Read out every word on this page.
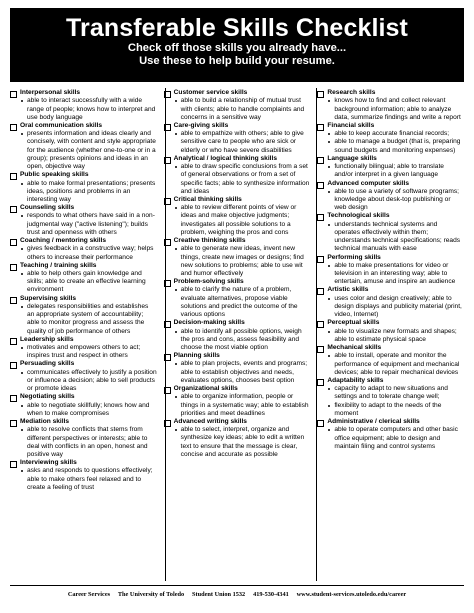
Transferable Skills Checklist
Check off those skills you already have...
Use these to help build your resume.
Interpersonal skills
able to interact successfully with a wide range of people; knows how to interpret and use body language
Oral communication skills
presents information and ideas clearly and concisely, with content and style appropriate for the audience (whether one-to-one or in a group); presents opinions and ideas in an open, objective way
Public speaking skills
able to make formal presentations; presents ideas, positions and problems in an interesting way
Counseling skills
responds to what others have said in a non-judgmental way ("active listening"); builds trust and openness with others
Coaching / mentoring skills
gives feedback in a constructive way; helps others to increase their performance
Teaching / training skills
able to help others gain knowledge and skills; able to create an effective learning environment
Supervising skills
delegates responsibilities and establishes an appropriate system of accountability; able to monitor progress and assess the quality of job performance of others
Leadership skills
motivates and empowers others to act; inspires trust and respect in others
Persuading skills
communicates effectively to justify a position or influence a decision; able to sell products or promote ideas
Negotiating skills
able to negotiate skillfully; knows how and when to make compromises
Mediation skills
able to resolve conflicts that stems from different perspectives or interests; able to deal with conflicts in an open, honest and positive way
Interviewing skills
asks and responds to questions effectively; able to make others feel relaxed and to create a feeling of trust
Customer service skills
able to build a relationship of mutual trust with clients; able to handle complaints and concerns in a sensitive way
Care-giving skills
able to empathize with others; able to give sensitive care to people who are sick or elderly or who have severe disabilities
Analytical / logical thinking skills
able to draw specific conclusions from a set of general observations or from a set of specific facts; able to synthesize information and ideas
Critical thinking skills
able to review different points of view or ideas and make objective judgments; investigates all possible solutions to a problem, weighing the pros and cons
Creative thinking skills
able to generate new ideas, invent new things, create new images or designs; find new solutions to problems; able to use wit and humor effectively
Problem-solving skills
able to clarify the nature of a problem, evaluate alternatives, propose viable solutions and predict the outcome of the various options
Decision-making skills
able to identify all possible options, weigh the pros and cons, assess feasibility and choose the most viable option
Planning skills
able to plan projects, events and programs; able to establish objectives and needs, evaluates options, chooses best option
Organizational skills
able to organize information, people or things in a systematic way; able to establish priorities and meet deadlines
Advanced writing skills
able to select, interpret, organize and synthesize key ideas; able to edit a written text to ensure that the message is clear, concise and accurate as possible
Research skills
knows how to find and collect relevant background information; able to analyze data, summarize findings and write a report
Financial skills
able to keep accurate financial records;
able to manage a budget (that is, preparing sound budgets and monitoring expenses)
Language skills
functionally bilingual; able to translate and/or interpret in a given language
Advanced computer skills
able to use a variety of software programs; knowledge about desk-top publishing or web design
Technological skills
understands technical systems and operates effectively within them; understands technical specifications; reads technical manuals with ease
Performing skills
able to make presentations for video or television in an interesting way; able to entertain, amuse and inspire an audience
Artistic skills
uses color and design creatively; able to design displays and publicity material (print, video, Internet)
Perceptual skills
able to visualize new formats and shapes; able to estimate physical space
Mechanical skills
able to install, operate and monitor the performance of equipment and mechanical devices; able to repair mechanical devices
Adaptability skills
capacity to adapt to new situations and settings and to tolerate change well;
flexibility to adapt to the needs of the moment
Administrative / clerical skills
able to operate computers and other basic office equipment; able to design and maintain filing and control systems
Career Services     The University of Toledo     Student Union 1532     419-530-4341     www.student-services.utoledo.edu/career
